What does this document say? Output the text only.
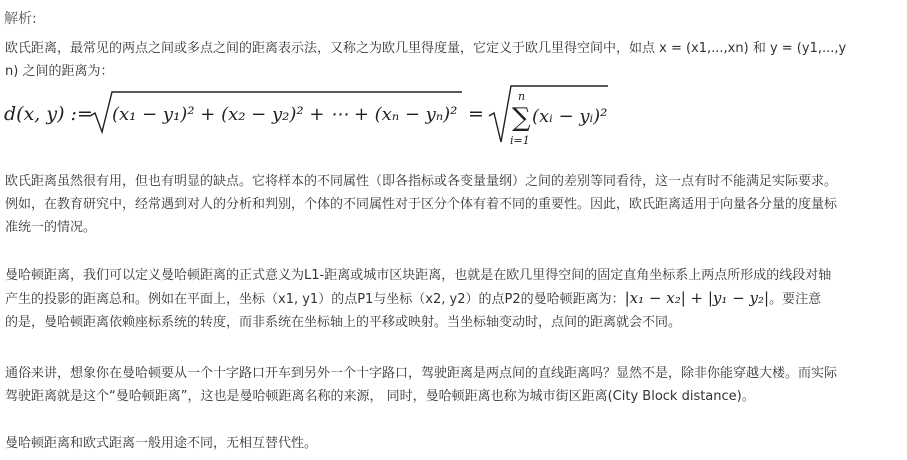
解析:
欧氏距离，最常见的两点之间或多点之间的距离表示法，又称之为欧几里得度量，它定义于欧几里得空间中，如点 x = (x1,...,xn) 和 y = (y1,...,y
n) 之间的距离为：
d(x, y) := (x₁ − y₁)² + (x₂ − y₂)² + ⋯ + (xₙ − yₙ)² =
n
∑
i=1
(xᵢ − yᵢ)²
欧氏距离虽然很有用，但也有明显的缺点。它将样本的不同属性（即各指标或各变量量纲）之间的差别等同看待，这一点有时不能满足实际要求。
例如，在教育研究中，经常遇到对人的分析和判别，个体的不同属性对于区分个体有着不同的重要性。因此，欧氏距离适用于向量各分量的度量标
准统一的情况。
曼哈顿距离，我们可以定义曼哈顿距离的正式意义为L1-距离或城市区块距离，也就是在欧几里得空间的固定直角坐标系上两点所形成的线段对轴
产生的投影的距离总和。例如在平面上，坐标（x1, y1）的点P1与坐标（x2, y2）的点P2的曼哈顿距离为：|x₁ − x₂| + |y₁ − y₂|。要注意
的是，曼哈顿距离依赖座标系统的转度，而非系统在坐标轴上的平移或映射。当坐标轴变动时，点间的距离就会不同。
通俗来讲，想象你在曼哈顿要从一个十字路口开车到另外一个十字路口，驾驶距离是两点间的直线距离吗？显然不是，除非你能穿越大楼。而实际
驾驶距离就是这个“曼哈顿距离”，这也是曼哈顿距离名称的来源， 同时，曼哈顿距离也称为城市街区距离(City Block distance)。
曼哈顿距离和欧式距离一般用途不同，无相互替代性。
